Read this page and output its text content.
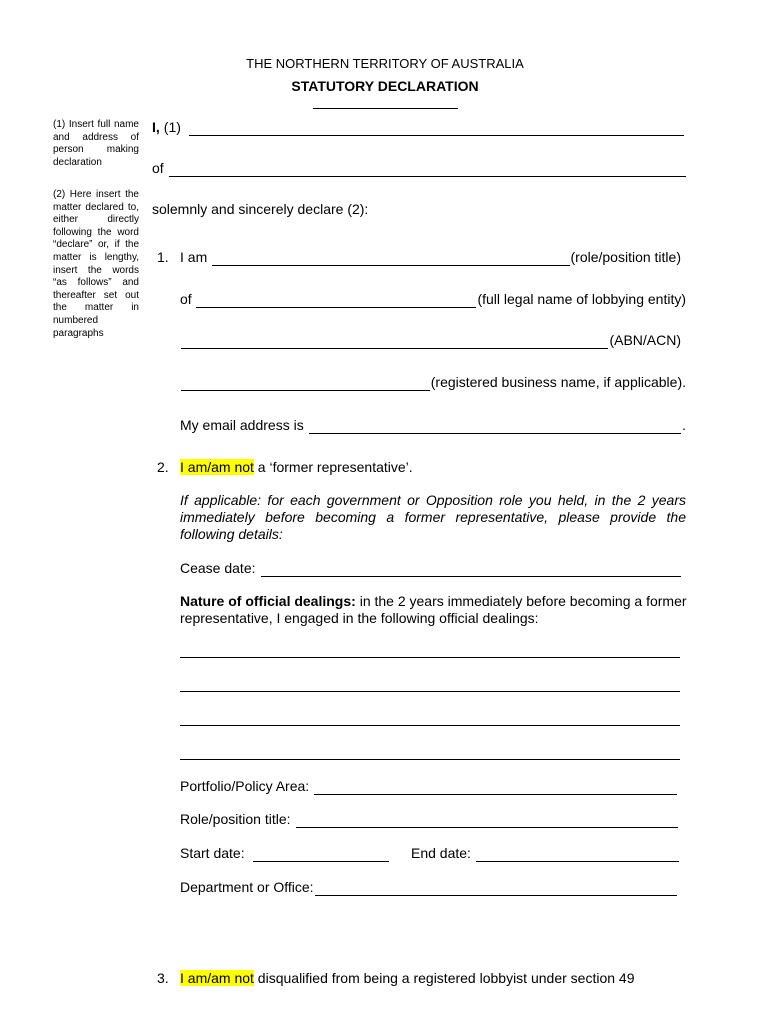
THE NORTHERN TERRITORY OF AUSTRALIA
STATUTORY DECLARATION
(1) Insert full name and address of person making declaration
(2) Here insert the matter declared to, either directly following the word “declare” or, if the matter is lengthy, insert the words “as follows” and thereafter set out the matter in numbered paragraphs
I, (1)
of
solemnly and sincerely declare (2):
1. I am	(role/position title)
of	(full legal name of lobbying entity)
(ABN/ACN)
(registered business name, if applicable).
My email address is	.
2. I am/am not a ‘former representative’.
If applicable: for each government or Opposition role you held, in the 2 years immediately before becoming a former representative, please provide the following details:
Cease date:
Nature of official dealings: in the 2 years immediately before becoming a former representative, I engaged in the following official dealings:
Portfolio/Policy Area:
Role/position title:
Start date:	End date:
Department or Office:
3. I am/am not disqualified from being a registered lobbyist under section 49
